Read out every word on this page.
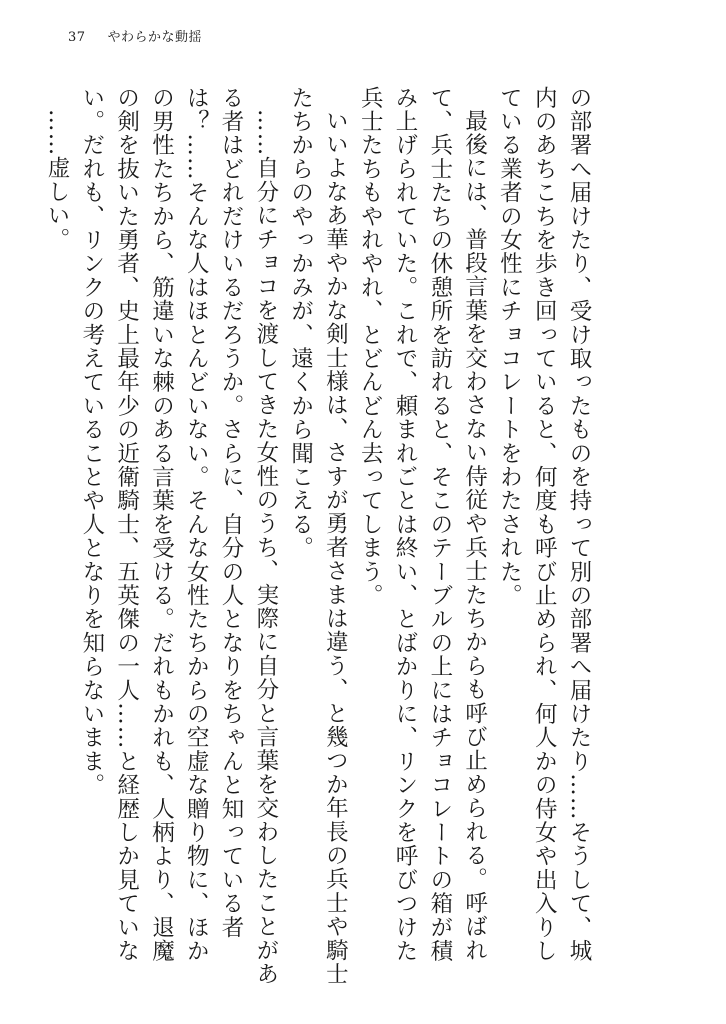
37 やわらかな動揺

の部署へ届けたり、受け取ったものを持って別の部署へ届けたり……そうして、城内のあちこちを歩き回っていると、何度も呼び止められ、何人かの侍女や出入りしている業者の女性にチョコレートをわたされた。

最後には、普段言葉を交わさない侍従や兵士たちからも呼び止められる。呼ばれて、兵士たちの休憩所を訪れると、そこのテーブルの上にはチョコレートの箱が積み上げられていた。これで、頼まれごとは終い、とばかりに、リンクを呼びつけた兵士たちもやれやれ、とどんどん去ってしまう。

いいよなあ華やかな剣士様は、さすが勇者さまは違う、と幾つか年長の兵士や騎士たちからのやっかみが、遠くから聞こえる。

……自分にチョコを渡してきた女性のうち、実際に自分と言葉を交わしたことがある者はどれだけいるだろうか。さらに、自分の人となりをちゃんと知っている者は？……そんな人はほとんどいない。そんな女性たちからの空虚な贈り物に、ほかの男性たちから、筋違いな棘のある言葉を受ける。だれもかれも、人柄より、退魔の剣を抜いた勇者、史上最年少の近衛騎士、五英傑の一人……と経歴しか見ていない。だれも、リンクの考えていることや人となりを知らないまま。

……虚しい。
